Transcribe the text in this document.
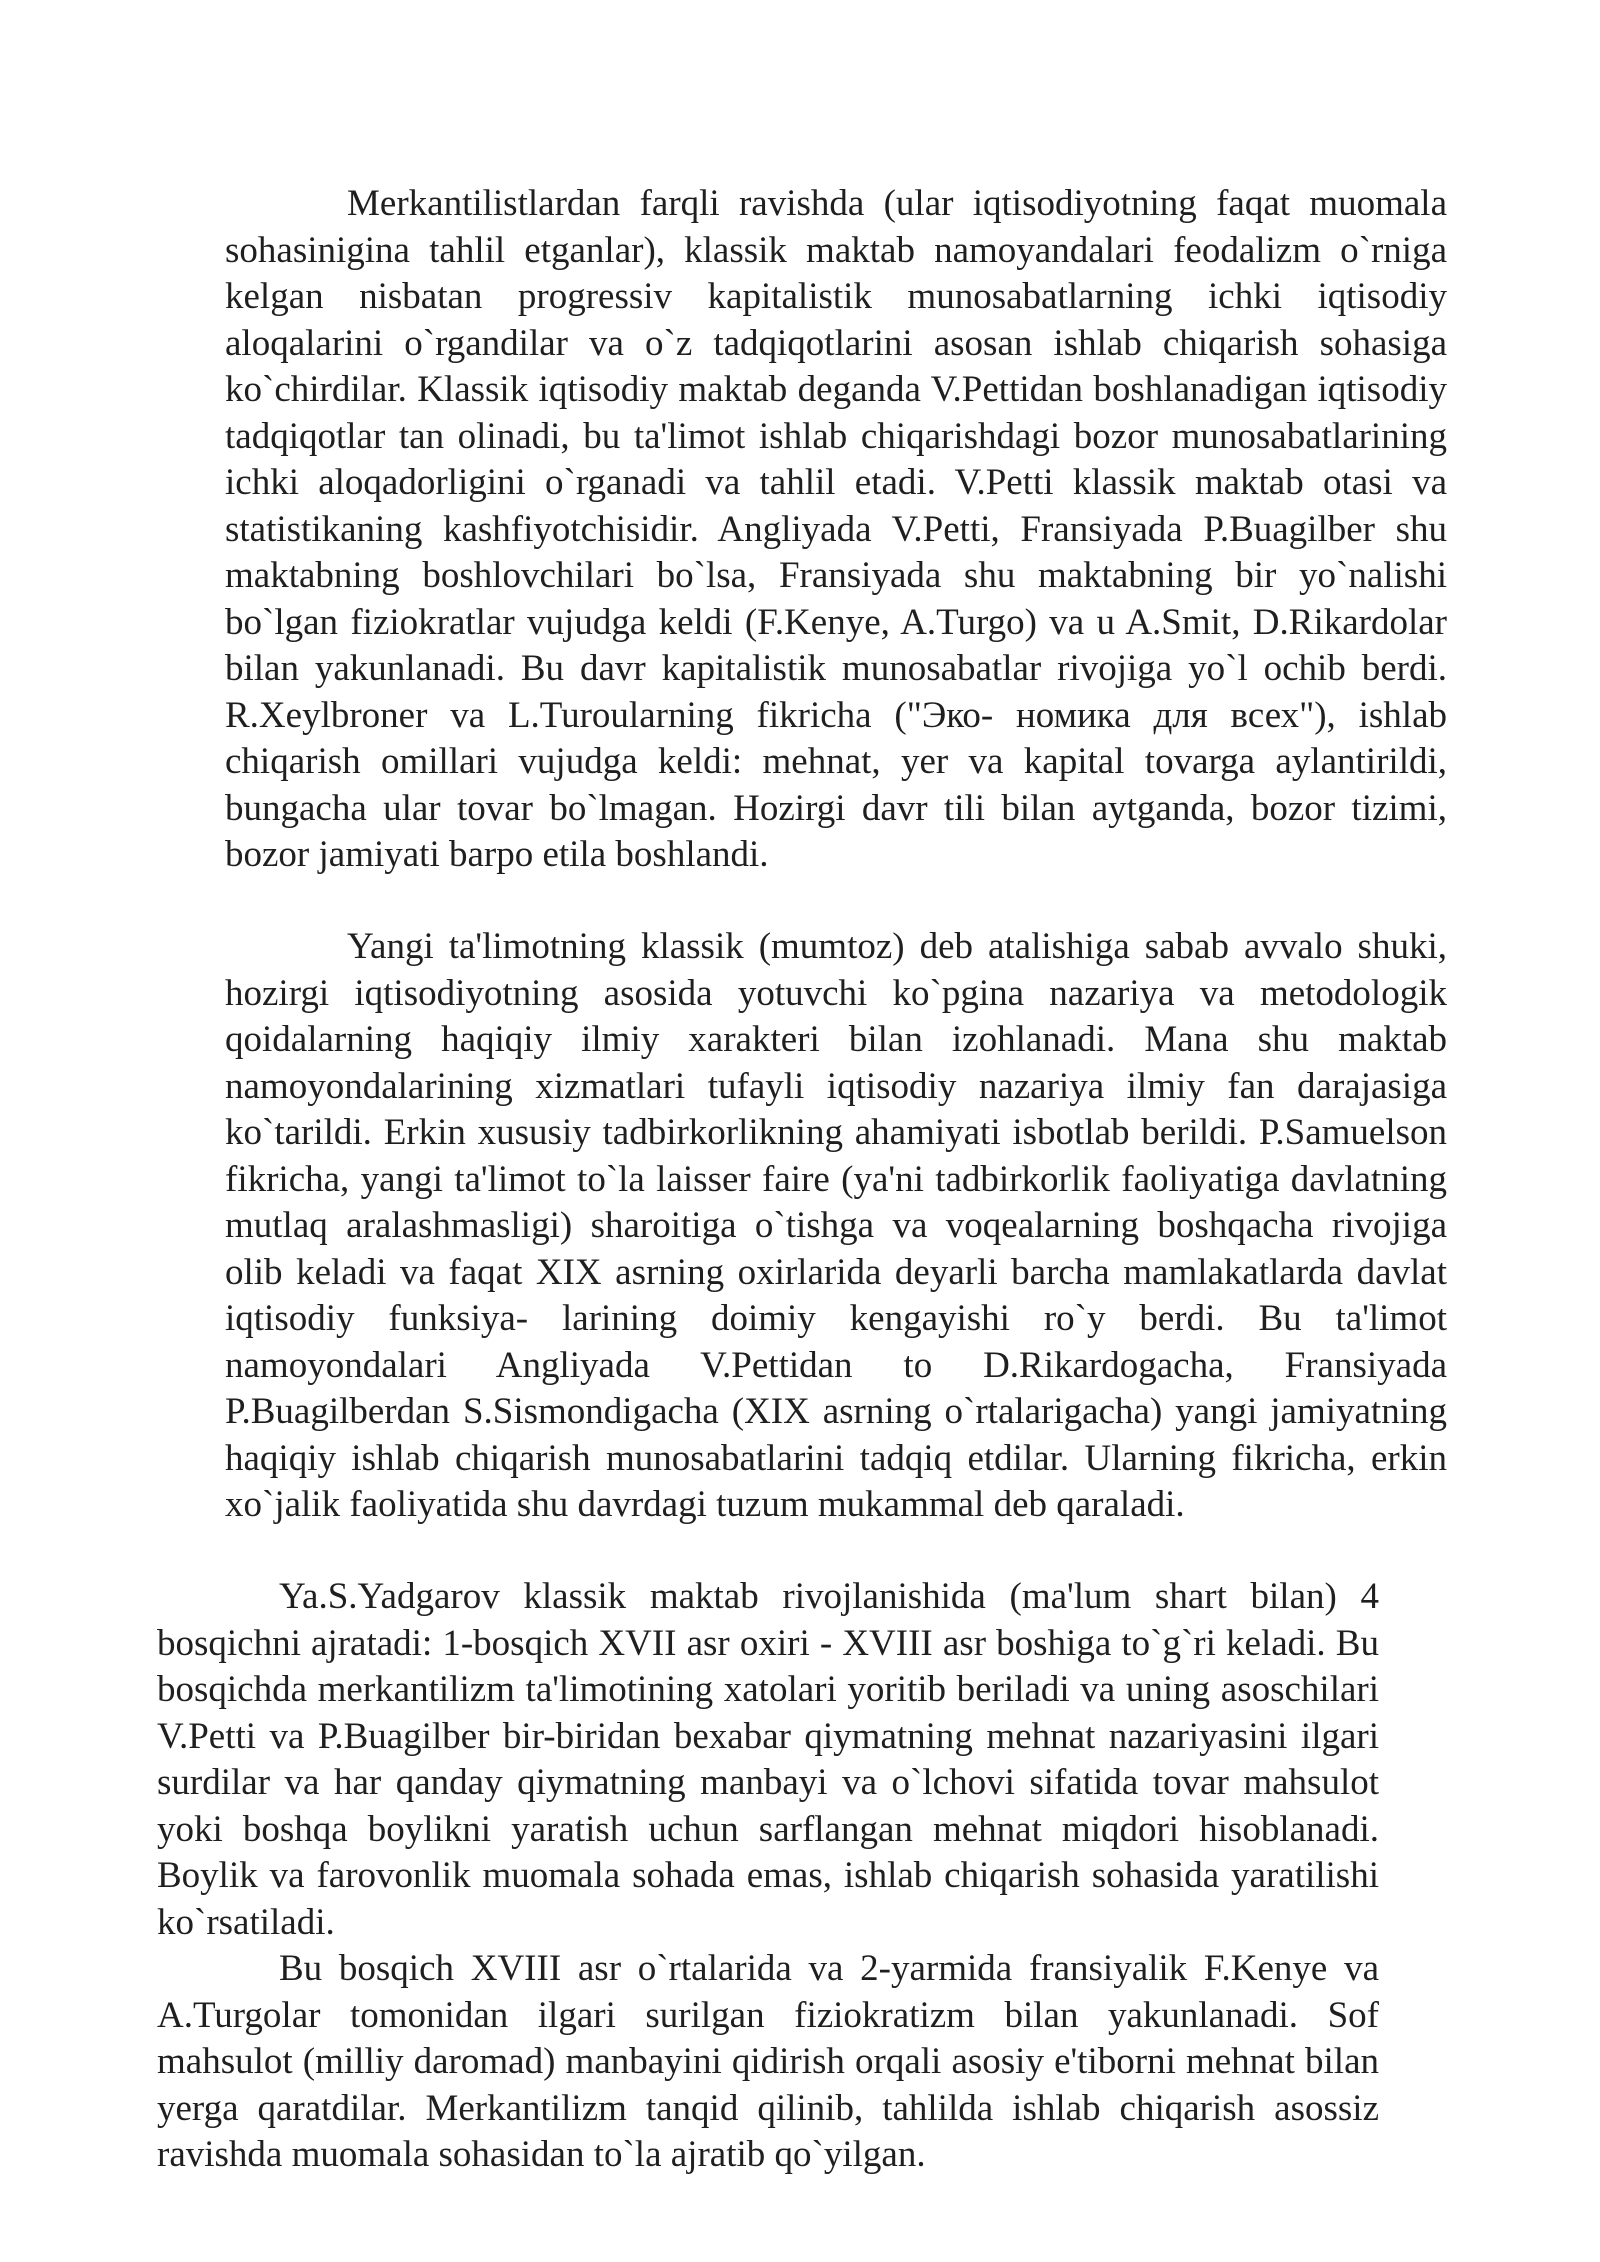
Merkantilistlardan farqli ravishda (ular iqtisodiyotning faqat muomala sohasinigina tahlil etganlar), klassik maktab namoyandalari feodalizm o`rniga kelgan nisbatan progressiv kapitalistik munosabatlarning ichki iqtisodiy aloqalarini o`rgandilar va o`z tadqiqotlarini asosan ishlab chiqarish sohasiga ko`chirdilar. Klassik iqtisodiy maktab deganda V.Pettidan boshlanadigan iqtisodiy tadqiqotlar tan olinadi, bu ta'limot ishlab chiqarishdagi bozor munosabatlarining ichki aloqadorligini o`rganadi va tahlil etadi. V.Petti klassik maktab otasi va statistikaning kashfiyotchisidir. Angliyada V.Petti, Fransiyada P.Buagilber shu maktabning boshlovchilari bo`lsa, Fransiyada shu maktabning bir yo`nalishi bo`lgan fiziokratlar vujudga keldi (F.Kenye, A.Turgo) va u A.Smit, D.Rikardolar bilan yakunlanadi. Bu davr kapitalistik munosabatlar rivojiga yo`l ochib berdi. R.Xeylbroner va L.Turoularning fikricha ("Эко- номика для всех"), ishlab chiqarish omillari vujudga keldi: mehnat, yer va kapital tovarga aylantirildi, bungacha ular tovar bo`lmagan. Hozirgi davr tili bilan aytganda, bozor tizimi, bozor jamiyati barpo etila boshlandi.

Yangi ta'limotning klassik (mumtoz) deb atalishiga sabab avvalo shuki, hozirgi iqtisodiyotning asosida yotuvchi ko`pgina nazariya va metodologik qoidalarning haqiqiy ilmiy xarakteri bilan izohlanadi. Mana shu maktab namoyondalarining xizmatlari tufayli iqtisodiy nazariya ilmiy fan darajasiga ko`tarildi. Erkin xususiy tadbirkorlikning ahamiyati isbotlab berildi. P.Samuelson fikricha, yangi ta'limot to`la laisser faire (ya'ni tadbirkorlik faoliyatiga davlatning mutlaq aralashmasligi) sharoitiga o`tishga va voqealarning boshqacha rivojiga olib keladi va faqat XIX asrning oxirlarida deyarli barcha mamlakatlarda davlat iqtisodiy funksiya- larining doimiy kengayishi ro`y berdi. Bu ta'limot namoyondalari Angliyada V.Pettidan to D.Rikardogacha, Fransiyada P.Buagilberdan S.Sismondigacha (XIX asrning o`rtalarigacha) yangi jamiyatning haqiqiy ishlab chiqarish munosabatlarini tadqiq etdilar. Ularning fikricha, erkin xo`jalik faoliyatida shu davrdagi tuzum mukammal deb qaraladi.

Ya.S.Yadgarov klassik maktab rivojlanishida (ma'lum shart bilan) 4 bosqichni ajratadi: 1-bosqich XVII asr oxiri - XVIII asr boshiga to`g`ri keladi. Bu bosqichda merkantilizm ta'limotining xatolari yoritib beriladi va uning asoschilari V.Petti va P.Buagilber bir-biridan bexabar qiymatning mehnat nazariyasini ilgari surdilar va har qanday qiymatning manbayi va o`lchovi sifatida tovar mahsulot yoki boshqa boylikni yaratish uchun sarflangan mehnat miqdori hisoblanadi. Boylik va farovonlik muomala sohada emas, ishlab chiqarish sohasida yaratilishi ko`rsatiladi.

Bu bosqich XVIII asr o`rtalarida va 2-yarmida fransiyalik F.Kenye va A.Turgolar tomonidan ilgari surilgan fiziokratizm bilan yakunlanadi. Sof mahsulot (milliy daromad) manbayini qidirish orqali asosiy e'tiborni mehnat bilan yerga qaratdilar. Merkantilizm tanqid qilinib, tahlilda ishlab chiqarish asossiz ravishda muomala sohasidan to`la ajratib qo`yilgan.
